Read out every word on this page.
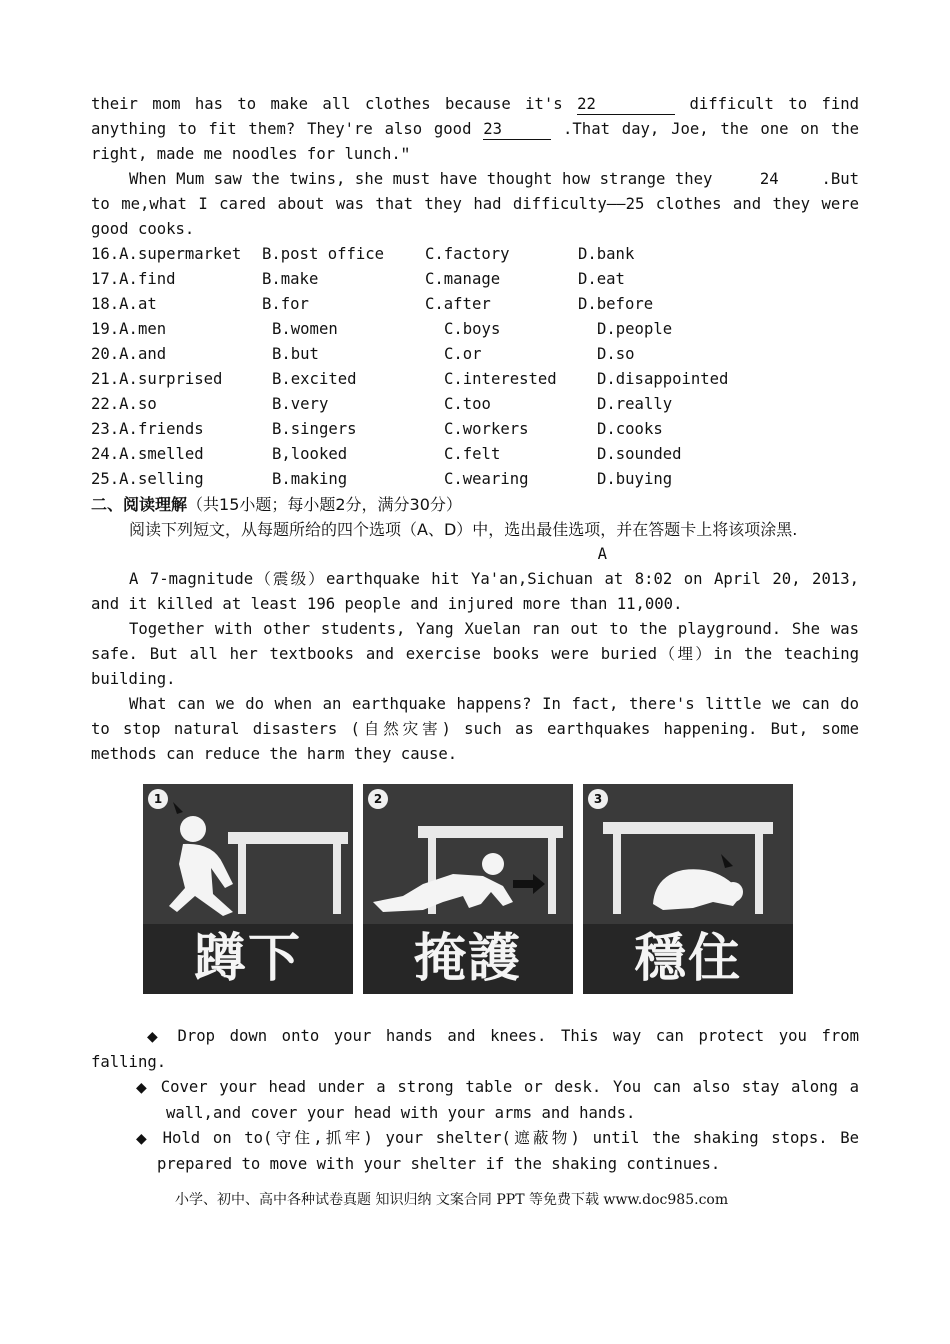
their mom has to make all clothes because it's 22	difficult to find anything to fit them? They're also good 23	.That day, Joe, the one on the right, made me noodles for lunch.ʺ

When Mum saw the twins, she must have thought how strange they	24	.But to me,what I cared about was that they had difficulty——25 clothes and they were good cooks.

16.A.supermarket	B.post office	C.factory	D.bank
17.A.find	B.make	C.manage	D.eat
18.A.at	B.for	C.after	D.before
19.A.men	B.women	C.boys	D.people
20.A.and	B.but	C.or	D.so
21.A.surprised	B.excited	C.interested	D.disappointed
22.A.so	B.very	C.too	D.really
23.A.friends	B.singers	C.workers	D.cooks
24.A.smelled	B,looked	C.felt	D.sounded
25.A.selling	B.making	C.wearing	D.buying

二、阅读理解（共15小题；每小题2分，满分30分）

阅读下列短文，从每题所给的四个选项（A、D）中，选出最佳选项，并在答题卡上将该项涂黑.

A

A 7-magnitude（震级）earthquake hit Ya'an,Sichuan at 8:02 on April 20, 2013, and it killed at least 196 people and injured more than 11,000.

Together with other students, Yang Xuelan ran out to the playground. She was safe. But all her textbooks and exercise books were buried（埋）in the teaching building.

What can we do when an earthquake happens? In fact, there's little we can do to stop natural disasters (自然灾害) such as earthquakes happening. But, some methods can reduce the harm they cause.

1
蹲下
2
掩護
3
穩住

◆ Drop down onto your hands and knees. This way can protect you from falling.

◆ Cover your head under a strong table or desk. You can also stay along a wall,and cover your head with your arms and hands.

◆ Hold on to(守住,抓牢) your shelter(遮蔽物) until the shaking stops. Be prepared to move with your shelter if the shaking continues.

小学、初中、高中各种试卷真题 知识归纳 文案合同 PPT 等免费下载 www.doc985.com
